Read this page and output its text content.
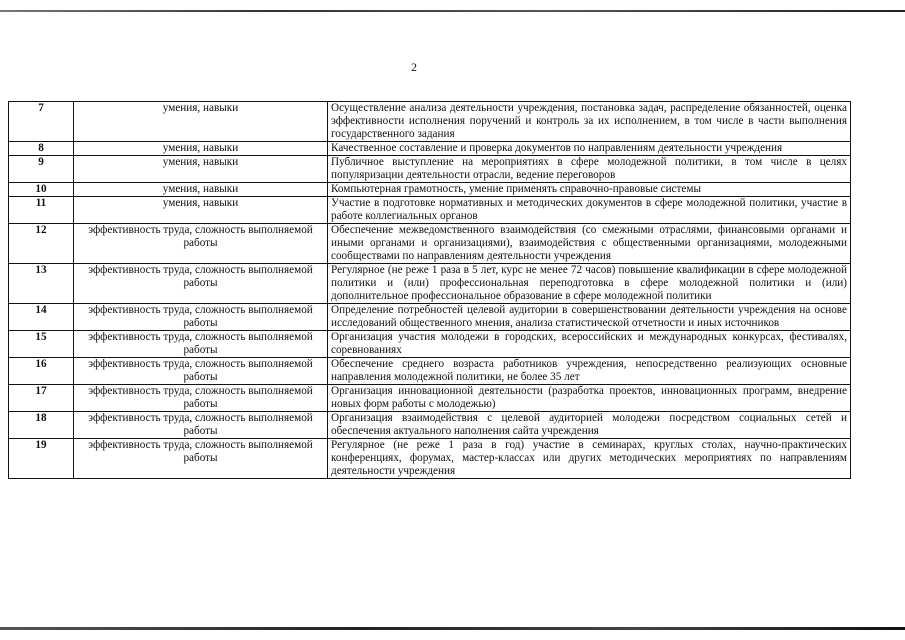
2
7	умения, навыки	Осуществление анализа деятельности учреждения, постановка задач, распределение обязанностей, оценка эффективности исполнения поручений и контроль за их исполнением, в том числе в части выполнения государственного задания
8	умения, навыки	Качественное составление и проверка документов по направлениям деятельности учреждения
9	умения, навыки	Публичное выступление на мероприятиях в сфере молодежной политики, в том числе в целях популяризации деятельности отрасли, ведение переговоров
10	умения, навыки	Компьютерная грамотность, умение применять справочно-правовые системы
11	умения, навыки	Участие в подготовке нормативных и методических документов в сфере молодежной политики, участие в работе коллегиальных органов
12	эффективность труда, сложность выполняемой работы	Обеспечение межведомственного взаимодействия (со смежными отраслями, финансовыми органами и иными органами и организациями), взаимодействия с общественными организациями, молодежными сообществами по направлениям деятельности учреждения
13	эффективность труда, сложность выполняемой работы	Регулярное (не реже 1 раза в 5 лет, курс не менее 72 часов) повышение квалификации в сфере молодежной политики и (или) профессиональная переподготовка в сфере молодежной политики и (или) дополнительное профессиональное образование в сфере молодежной политики
14	эффективность труда, сложность выполняемой работы	Определение потребностей целевой аудитории в совершенствовании деятельности учреждения на основе исследований общественного мнения, анализа статистической отчетности и иных источников
15	эффективность труда, сложность выполняемой работы	Организация участия молодежи в городских, всероссийских и международных конкурсах, фестивалях, соревнованиях
16	эффективность труда, сложность выполняемой работы	Обеспечение среднего возраста работников учреждения, непосредственно реализующих основные направления молодежной политики, не более 35 лет
17	эффективность труда, сложность выполняемой работы	Организация инновационной деятельности (разработка проектов, инновационных программ, внедрение новых форм работы с молодежью)
18	эффективность труда, сложность выполняемой работы	Организация взаимодействия с целевой аудиторией молодежи посредством социальных сетей и обеспечения актуального наполнения сайта учреждения
19	эффективность труда, сложность выполняемой работы	Регулярное (не реже 1 раза в год) участие в семинарах, круглых столах, научно-практических конференциях, форумах, мастер-классах или других методических мероприятиях по направлениям деятельности учреждения
